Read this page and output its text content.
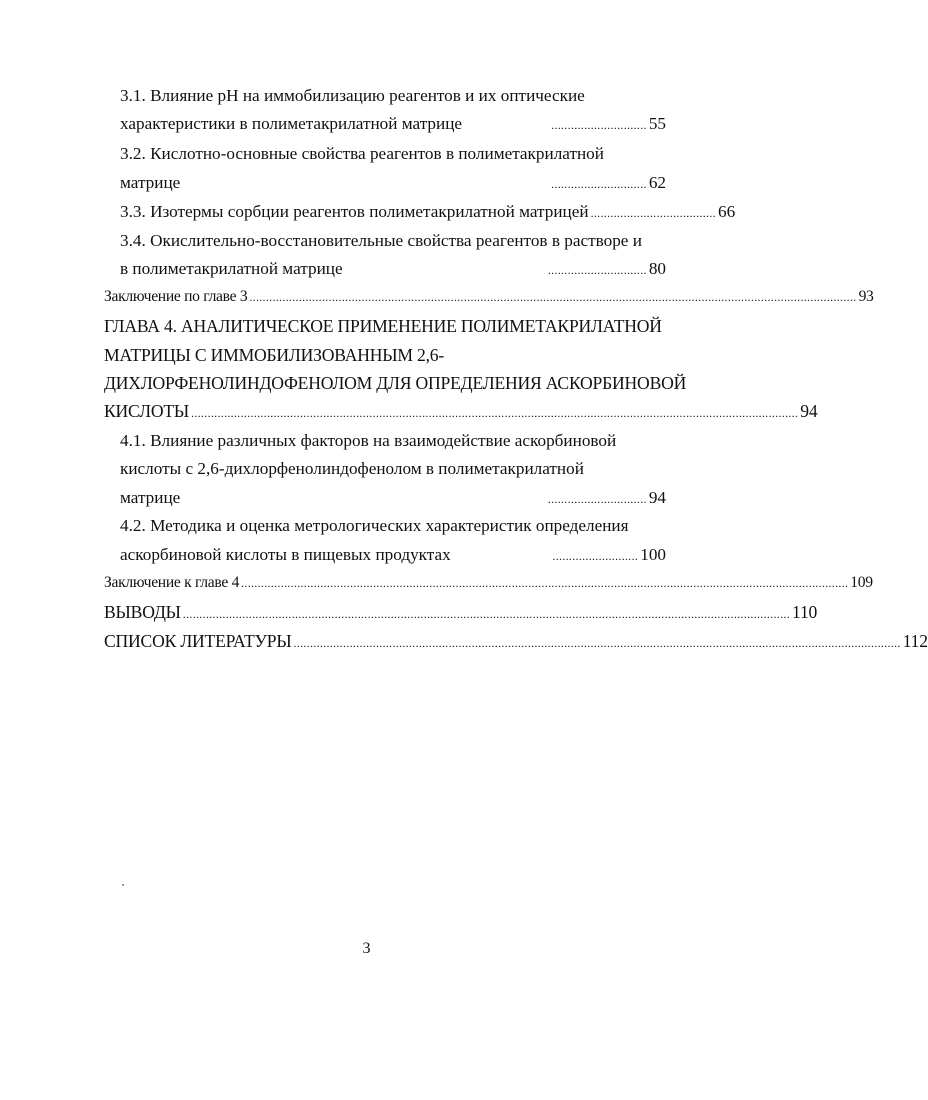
3.1. Влияние pH на иммобилизацию реагентов и их оптические
характеристики в полиметакрилатной матрице	............................. 55
3.2. Кислотно-основные свойства реагентов в полиметакрилатной
матрице	............................. 62
3.3. Изотермы сорбции реагентов полиметакрилатной матрицей ...................................... 66
3.4. Окислительно-восстановительные свойства реагентов в растворе и
в полиметакрилатной матрице	.............................. 80
Заключение по главе 3 ........................................................................................................................................................................................ 93
ГЛАВА 4. АНАЛИТИЧЕСКОЕ ПРИМЕНЕНИЕ ПОЛИМЕТАКРИЛАТНОЙ
МАТРИЦЫ С ИММОБИЛИЗОВАННЫМ 2,6-
ДИХЛОРФЕНОЛИНДОФЕНОЛОМ ДЛЯ ОПРЕДЕЛЕНИЯ АСКОРБИНОВОЙ
КИСЛОТЫ ........................................................................................................................................................................................ 94
4.1. Влияние различных факторов на взаимодействие аскорбиновой
кислоты с 2,6-дихлорфенолиндофенолом в полиметакрилатной
матрице	.............................. 94
4.2. Методика и оценка метрологических характеристик определения
аскорбиновой кислоты в пищевых продуктах	.......................... 100
Заключение к главе 4 ........................................................................................................................................................................................ 109
ВЫВОДЫ ........................................................................................................................................................................................ 110
СПИСОК ЛИТЕРАТУРЫ ........................................................................................................................................................................................ 112
3
